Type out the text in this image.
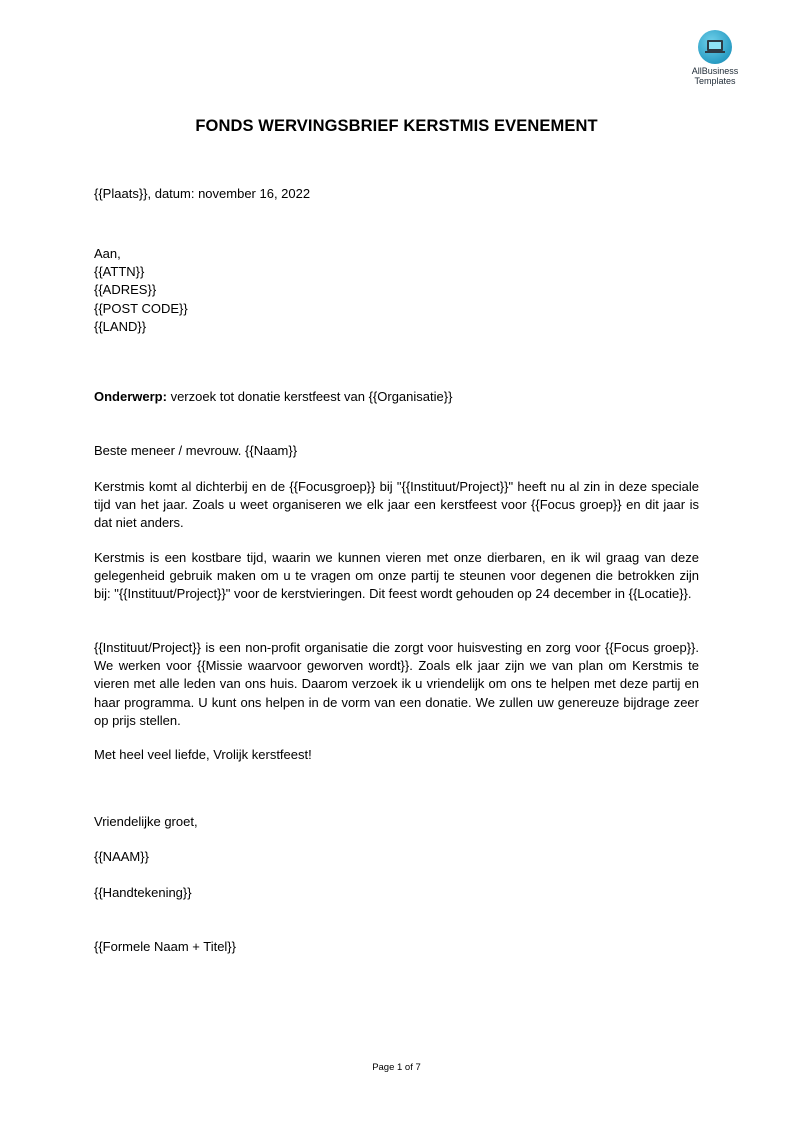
AllBusiness
Templates
FONDS WERVINGSBRIEF KERSTMIS EVENEMENT
{{Plaats}}, datum: november 16, 2022
Aan,
{{ATTN}}
{{ADRES}}
{{POST CODE}}
{{LAND}}
Onderwerp: verzoek tot donatie kerstfeest van {{Organisatie}}
Beste meneer / mevrouw. {{Naam}}
Kerstmis komt al dichterbij en de {{Focusgroep}} bij "{{Instituut/Project}}" heeft nu al zin in deze speciale tijd van het jaar. Zoals u weet organiseren we elk jaar een kerstfeest voor {{Focus groep}} en dit jaar is dat niet anders.
Kerstmis is een kostbare tijd, waarin we kunnen vieren met onze dierbaren, en ik wil graag van deze gelegenheid gebruik maken om u te vragen om onze partij te steunen voor degenen die betrokken zijn bij: "{{Instituut/Project}}" voor de kerstvieringen. Dit feest wordt gehouden op 24 december in {{Locatie}}.
{{Instituut/Project}} is een non-profit organisatie die zorgt voor huisvesting en zorg voor {{Focus groep}}. We werken voor {{Missie waarvoor geworven wordt}}. Zoals elk jaar zijn we van plan om Kerstmis te vieren met alle leden van ons huis. Daarom verzoek ik u vriendelijk om ons te helpen met deze partij en haar programma. U kunt ons helpen in de vorm van een donatie. We zullen uw genereuze bijdrage zeer op prijs stellen.
Met heel veel liefde, Vrolijk kerstfeest!
Vriendelijke groet,
{{NAAM}}
{{Handtekening}}
{{Formele Naam + Titel}}
Page 1 of 7
